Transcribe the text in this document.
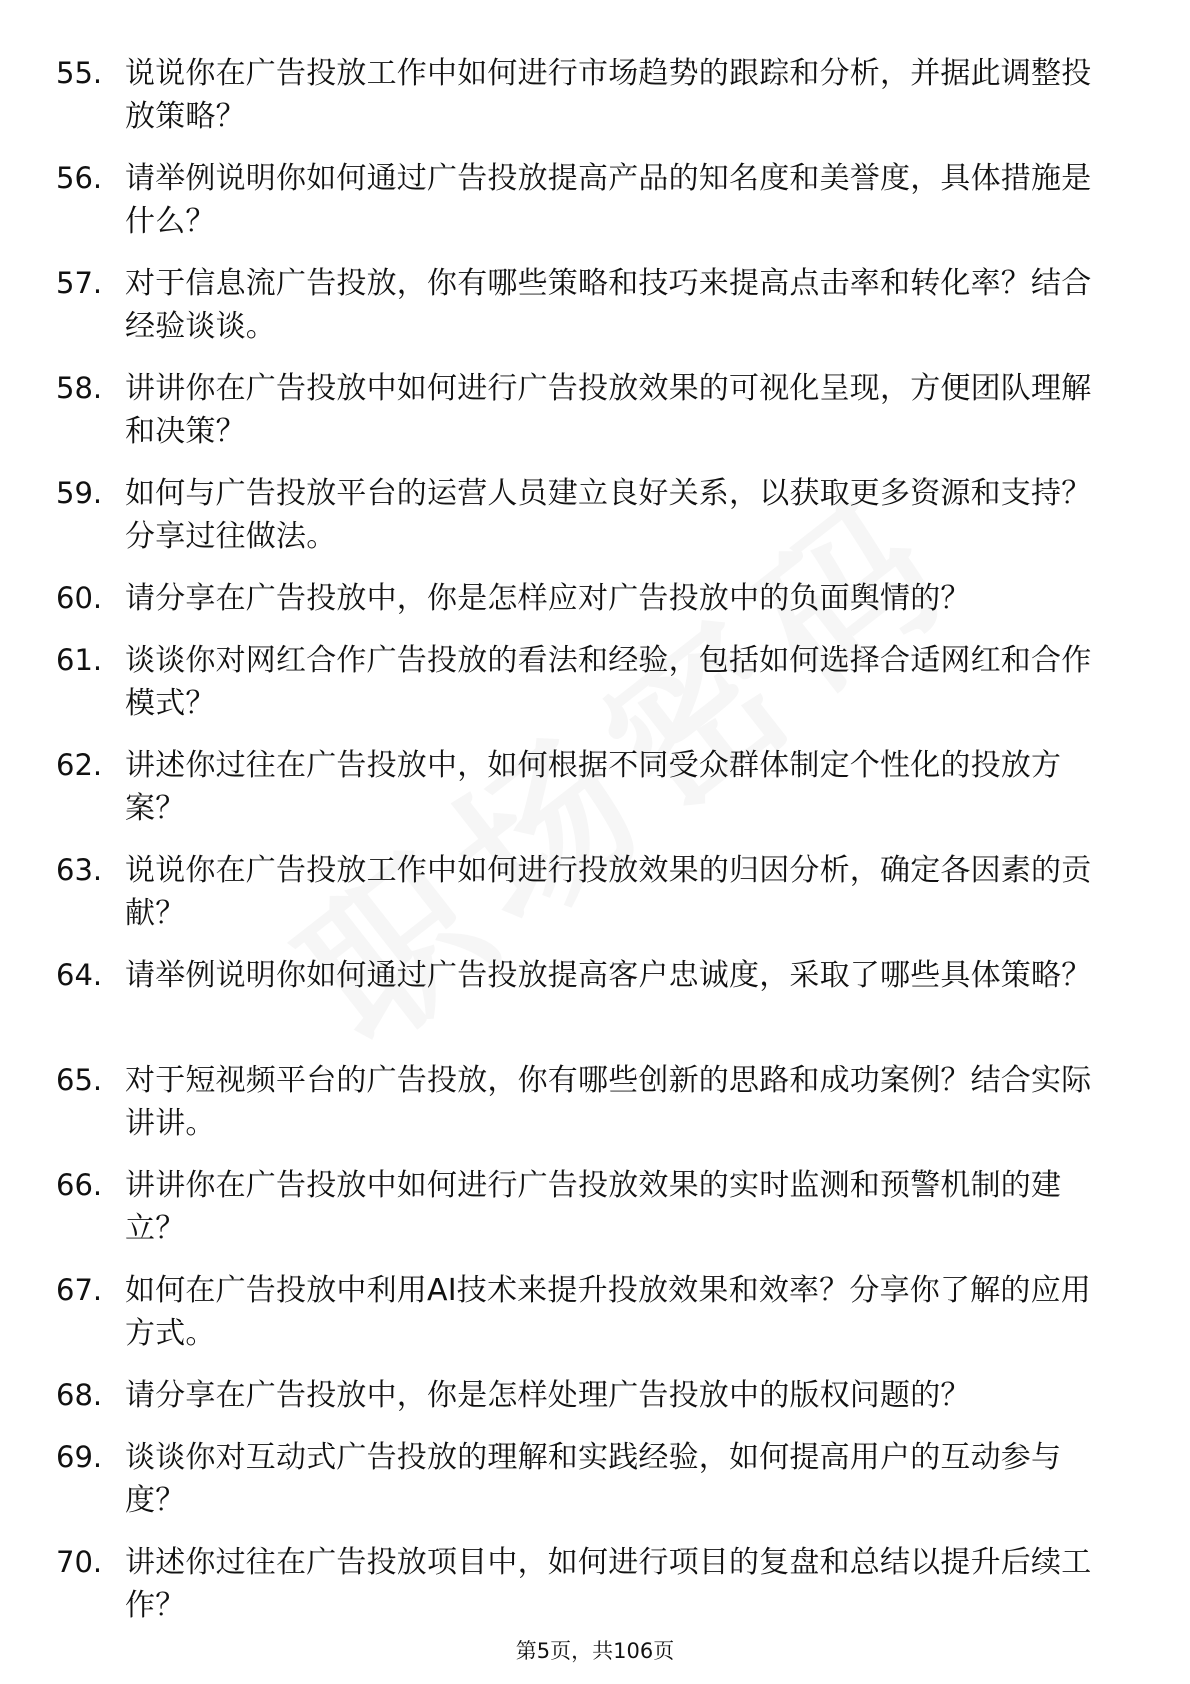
55. 说说你在广告投放工作中如何进行市场趋势的跟踪和分析，并据此调整投放策略？
56. 请举例说明你如何通过广告投放提高产品的知名度和美誉度，具体措施是什么？
57. 对于信息流广告投放，你有哪些策略和技巧来提高点击率和转化率？结合经验谈谈。
58. 讲讲你在广告投放中如何进行广告投放效果的可视化呈现，方便团队理解和决策？
59. 如何与广告投放平台的运营人员建立良好关系，以获取更多资源和支持？分享过往做法。
60. 请分享在广告投放中，你是怎样应对广告投放中的负面舆情的？
61. 谈谈你对网红合作广告投放的看法和经验，包括如何选择合适网红和合作模式？
62. 讲述你过往在广告投放中，如何根据不同受众群体制定个性化的投放方案？
63. 说说你在广告投放工作中如何进行投放效果的归因分析，确定各因素的贡献？
64. 请举例说明你如何通过广告投放提高客户忠诚度，采取了哪些具体策略？
65. 对于短视频平台的广告投放，你有哪些创新的思路和成功案例？结合实际讲讲。
66. 讲讲你在广告投放中如何进行广告投放效果的实时监测和预警机制的建立？
67. 如何在广告投放中利用AI技术来提升投放效果和效率？分享你了解的应用方式。
68. 请分享在广告投放中，你是怎样处理广告投放中的版权问题的？
69. 谈谈你对互动式广告投放的理解和实践经验，如何提高用户的互动参与度？
70. 讲述你过往在广告投放项目中，如何进行项目的复盘和总结以提升后续工作？
第5页，共106页
